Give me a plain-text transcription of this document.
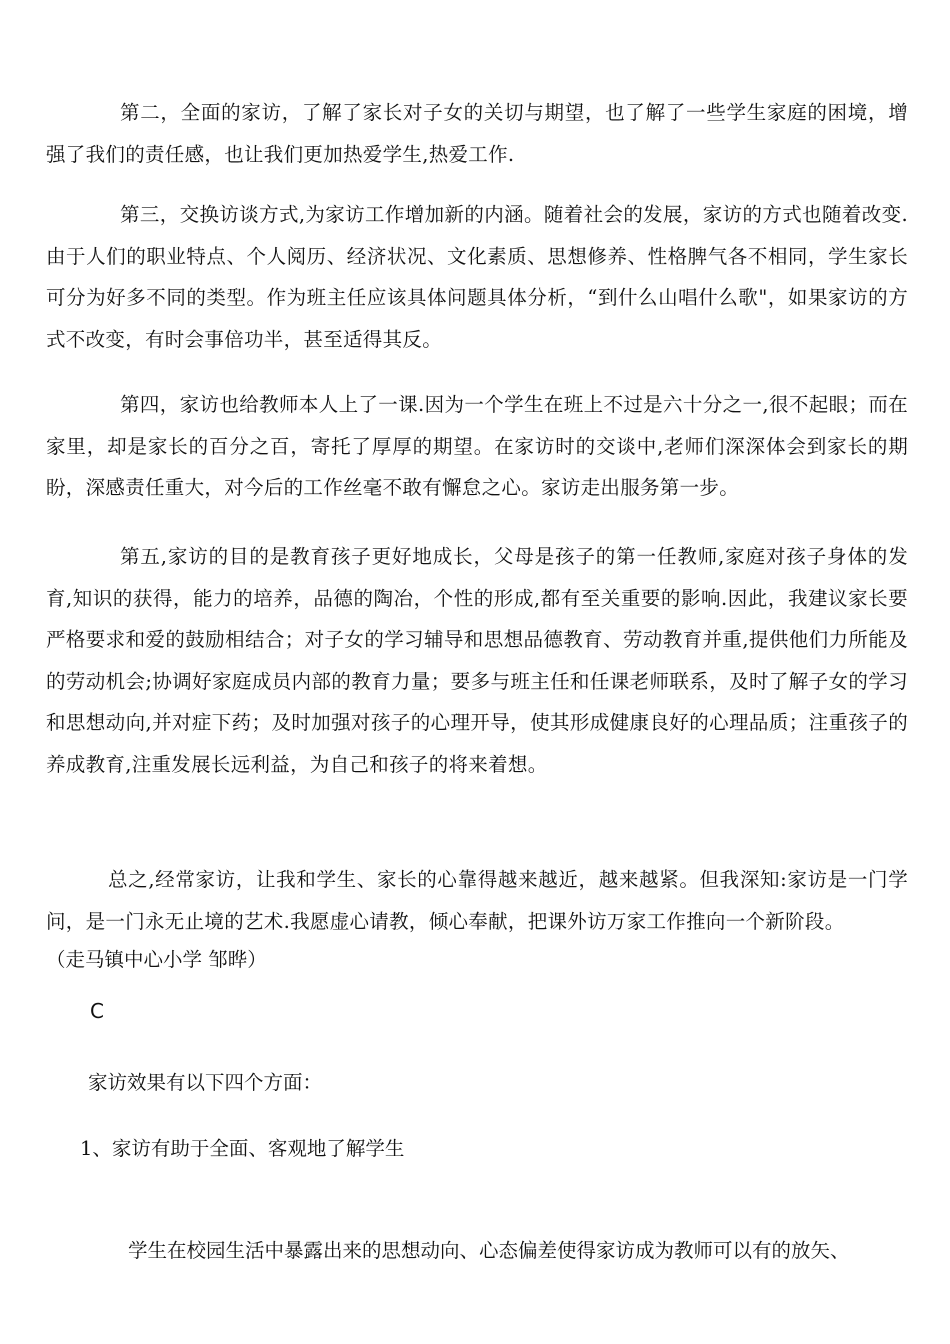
第二，全面的家访，了解了家长对子女的关切与期望，也了解了一些学生家庭的困境，增强了我们的责任感，也让我们更加热爱学生,热爱工作.

第三，交换访谈方式,为家访工作增加新的内涵。随着社会的发展，家访的方式也随着改变.由于人们的职业特点、个人阅历、经济状况、文化素质、思想修养、性格脾气各不相同，学生家长可分为好多不同的类型。作为班主任应该具体问题具体分析，“到什么山唱什么歌"，如果家访的方式不改变，有时会事倍功半，甚至适得其反。

第四，家访也给教师本人上了一课.因为一个学生在班上不过是六十分之一,很不起眼；而在家里，却是家长的百分之百，寄托了厚厚的期望。在家访时的交谈中,老师们深深体会到家长的期盼，深感责任重大，对今后的工作丝毫不敢有懈怠之心。家访走出服务第一步。

第五,家访的目的是教育孩子更好地成长，父母是孩子的第一任教师,家庭对孩子身体的发育,知识的获得，能力的培养，品德的陶冶，个性的形成,都有至关重要的影响.因此，我建议家长要严格要求和爱的鼓励相结合；对子女的学习辅导和思想品德教育、劳动教育并重,提供他们力所能及的劳动机会;协调好家庭成员内部的教育力量；要多与班主任和任课老师联系，及时了解子女的学习和思想动向,并对症下药；及时加强对孩子的心理开导，使其形成健康良好的心理品质；注重孩子的养成教育,注重发展长远利益，为自己和孩子的将来着想。

总之,经常家访，让我和学生、家长的心靠得越来越近，越来越紧。但我深知:家访是一门学问，是一门永无止境的艺术.我愿虚心请教，倾心奉献，把课外访万家工作推向一个新阶段。

（走马镇中心小学 邹晔）

C

家访效果有以下四个方面：

1、家访有助于全面、客观地了解学生

学生在校园生活中暴露出来的思想动向、心态偏差使得家访成为教师可以有的放矢、
